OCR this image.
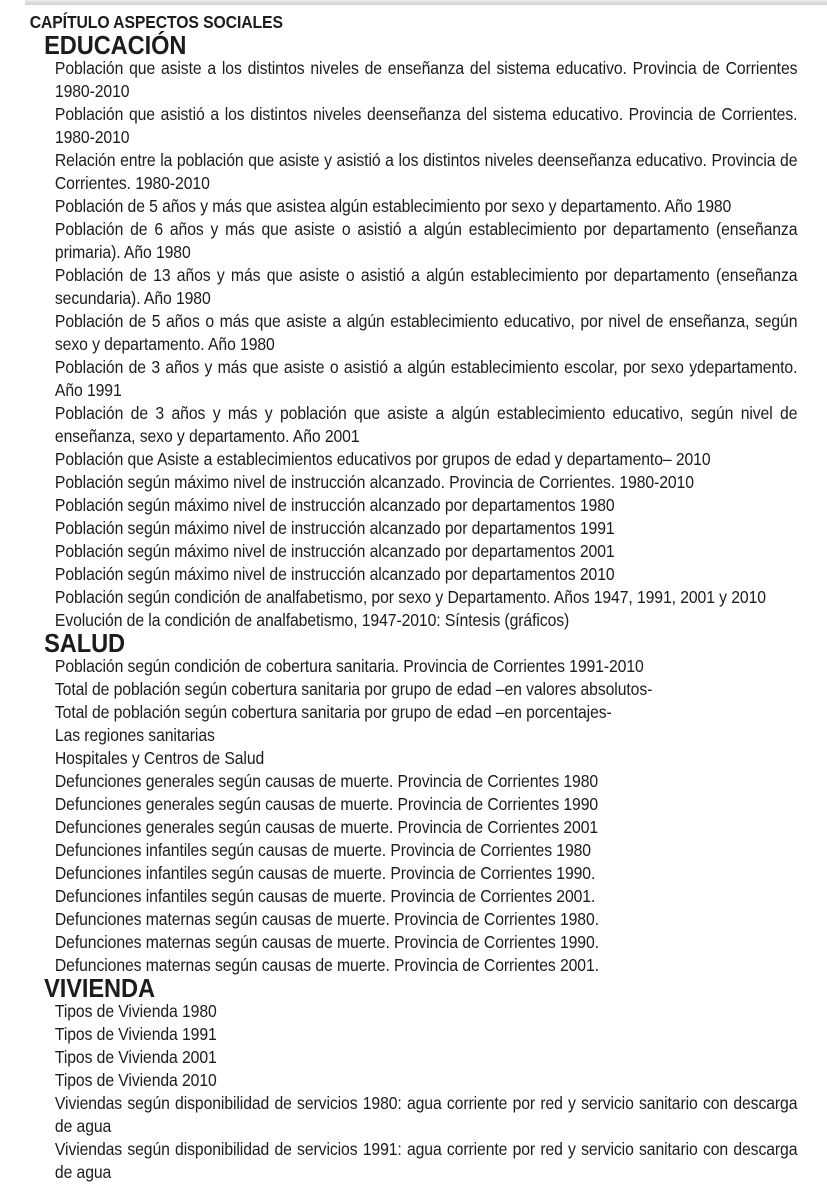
CAPÍTULO ASPECTOS SOCIALES
EDUCACIÓN

Población que asiste a los distintos niveles de enseñanza del sistema educativo. Provincia de Corrientes 1980-2010

Población que asistió a los distintos niveles deenseñanza del sistema educativo. Provincia de Corrientes. 1980-2010

Relación entre la población que asiste y asistió a los distintos niveles deenseñanza educativo. Provincia de Corrientes. 1980-2010

Población de 5 años y más que asistea algún establecimiento por sexo y departamento. Año 1980

Población de 6 años y más que asiste o asistió a algún establecimiento por departamento (enseñanza primaria). Año 1980

Población de 13 años y más que asiste o asistió a algún establecimiento por departamento (enseñanza secundaria). Año 1980

Población de 5 años o más que asiste a algún establecimiento educativo, por nivel de enseñanza, según sexo y departamento. Año 1980

Población de 3 años y más que asiste o asistió a algún establecimiento escolar, por sexo ydepartamento. Año 1991

Población de 3 años y más y población que asiste a algún establecimiento educativo, según nivel de enseñanza, sexo y departamento. Año 2001

Población que Asiste a establecimientos educativos por grupos de edad y departamento– 2010

Población según máximo nivel de instrucción alcanzado. Provincia de Corrientes. 1980-2010

Población según máximo nivel de instrucción alcanzado por departamentos 1980

Población según máximo nivel de instrucción alcanzado por departamentos 1991

Población según máximo nivel de instrucción alcanzado por departamentos 2001

Población según máximo nivel de instrucción alcanzado por departamentos 2010

Población según condición de analfabetismo, por sexo y Departamento. Años 1947, 1991, 2001 y 2010

Evolución de la condición de analfabetismo, 1947-2010: Síntesis (gráficos)

SALUD

Población según condición de cobertura sanitaria. Provincia de Corrientes 1991-2010

Total de población según cobertura sanitaria por grupo de edad –en valores absolutos-

Total de población según cobertura sanitaria por grupo de edad –en porcentajes-

Las regiones sanitarias

Hospitales y Centros de Salud

Defunciones generales según causas de muerte. Provincia de Corrientes 1980

Defunciones generales según causas de muerte. Provincia de Corrientes 1990

Defunciones generales según causas de muerte. Provincia de Corrientes 2001

Defunciones infantiles según causas de muerte. Provincia de Corrientes 1980

Defunciones infantiles según causas de muerte. Provincia de Corrientes 1990.

Defunciones infantiles según causas de muerte. Provincia de Corrientes 2001.

Defunciones maternas según causas de muerte. Provincia de Corrientes 1980.

Defunciones maternas según causas de muerte. Provincia de Corrientes 1990.

Defunciones maternas según causas de muerte. Provincia de Corrientes 2001.

VIVIENDA

Tipos de Vivienda 1980

Tipos de Vivienda 1991

Tipos de Vivienda 2001

Tipos de Vivienda 2010

Viviendas según disponibilidad de servicios 1980: agua corriente por red y servicio sanitario con descarga de agua

Viviendas según disponibilidad de servicios 1991: agua corriente por red y servicio sanitario con descarga de agua
